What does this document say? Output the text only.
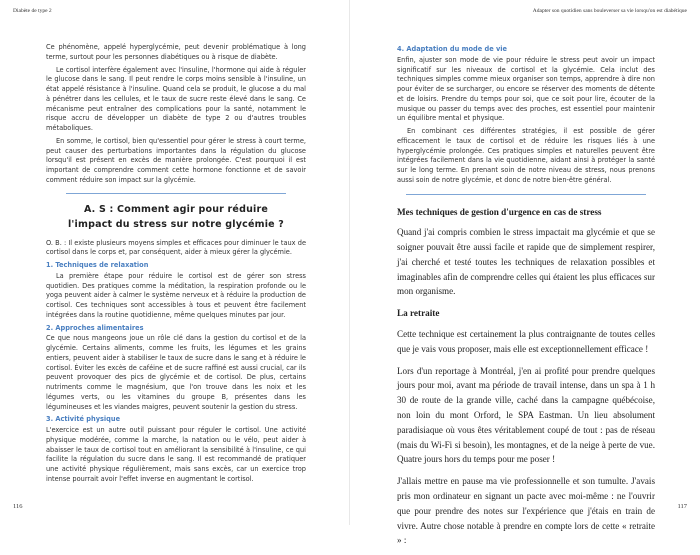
Diabète de type 2

Ce phénomène, appelé hyperglycémie, peut devenir problématique à long terme, surtout pour les personnes diabétiques ou à risque de diabète.

Le cortisol interfère également avec l'insuline, l'hormone qui aide à réguler le glucose dans le sang. Il peut rendre le corps moins sensible à l'insuline, un état appelé résistance à l'insuline. Quand cela se produit, le glucose a du mal à pénétrer dans les cellules, et le taux de sucre reste élevé dans le sang. Ce mécanisme peut entraîner des complications pour la santé, notamment le risque accru de développer un diabète de type 2 ou d'autres troubles métaboliques.

En somme, le cortisol, bien qu'essentiel pour gérer le stress à court terme, peut causer des perturbations importantes dans la régulation du glucose lorsqu'il est présent en excès de manière prolongée. C'est pourquoi il est important de comprendre comment cette hormone fonctionne et de savoir comment réduire son impact sur la glycémie.

A. S : Comment agir pour réduire
l'impact du stress sur notre glycémie ?

O. B. : Il existe plusieurs moyens simples et efficaces pour diminuer le taux de cortisol dans le corps et, par conséquent, aider à mieux gérer la glycémie.

1. Techniques de relaxation

La première étape pour réduire le cortisol est de gérer son stress quotidien. Des pratiques comme la méditation, la respiration profonde ou le yoga peuvent aider à calmer le système nerveux et à réduire la production de cortisol. Ces techniques sont accessibles à tous et peuvent être facilement intégrées dans la routine quotidienne, même quelques minutes par jour.

2. Approches alimentaires

Ce que nous mangeons joue un rôle clé dans la gestion du cortisol et de la glycémie. Certains aliments, comme les fruits, les légumes et les grains entiers, peuvent aider à stabiliser le taux de sucre dans le sang et à réduire le cortisol. Éviter les excès de caféine et de sucre raffiné est aussi crucial, car ils peuvent provoquer des pics de glycémie et de cortisol. De plus, certains nutriments comme le magnésium, que l'on trouve dans les noix et les légumes verts, ou les vitamines du groupe B, présentes dans les légumineuses et les viandes maigres, peuvent soutenir la gestion du stress.

3. Activité physique

L'exercice est un autre outil puissant pour réguler le cortisol. Une activité physique modérée, comme la marche, la natation ou le vélo, peut aider à abaisser le taux de cortisol tout en améliorant la sensibilité à l'insuline, ce qui facilite la régulation du sucre dans le sang. Il est recommandé de pratiquer une activité physique régulièrement, mais sans excès, car un exercice trop intense pourrait avoir l'effet inverse en augmentant le cortisol.

116
Adapter son quotidien sans bouleverser sa vie lorsqu'on est diabétique
117
4. Adaptation du mode de vie

Enfin, ajuster son mode de vie pour réduire le stress peut avoir un impact significatif sur les niveaux de cortisol et la glycémie. Cela inclut des techniques simples comme mieux organiser son temps, apprendre à dire non pour éviter de se surcharger, ou encore se réserver des moments de détente et de loisirs. Prendre du temps pour soi, que ce soit pour lire, écouter de la musique ou passer du temps avec des proches, est essentiel pour maintenir un équilibre mental et physique.

En combinant ces différentes stratégies, il est possible de gérer efficacement le taux de cortisol et de réduire les risques liés à une hyperglycémie prolongée. Ces pratiques simples et naturelles peuvent être intégrées facilement dans la vie quotidienne, aidant ainsi à protéger la santé sur le long terme. En prenant soin de notre niveau de stress, nous prenons aussi soin de notre glycémie, et donc de notre bien-être général.

Mes techniques de gestion d'urgence en cas de stress

Quand j'ai compris combien le stress impactait ma glycémie et que se soigner pouvait être aussi facile et rapide que de simplement respirer, j'ai cherché et testé toutes les techniques de relaxation possibles et imaginables afin de comprendre celles qui étaient les plus efficaces sur mon organisme.

La retraite

Cette technique est certainement la plus contraignante de toutes celles que je vais vous proposer, mais elle est exceptionnellement efficace !

Lors d'un reportage à Montréal, j'en ai profité pour prendre quelques jours pour moi, avant ma période de travail intense, dans un spa à 1 h 30 de route de la grande ville, caché dans la campagne québécoise, non loin du mont Orford, le SPA Eastman. Un lieu absolument paradisiaque où vous êtes véritablement coupé de tout : pas de réseau (mais du Wi-Fi si besoin), les montagnes, et de la neige à perte de vue. Quatre jours hors du temps pour me poser !

J'allais mettre en pause ma vie professionnelle et son tumulte. J'avais pris mon ordinateur en signant un pacte avec moi-même : ne l'ouvrir que pour prendre des notes sur l'expérience que j'étais en train de vivre. Autre chose notable à prendre en compte lors de cette « retraite » :
